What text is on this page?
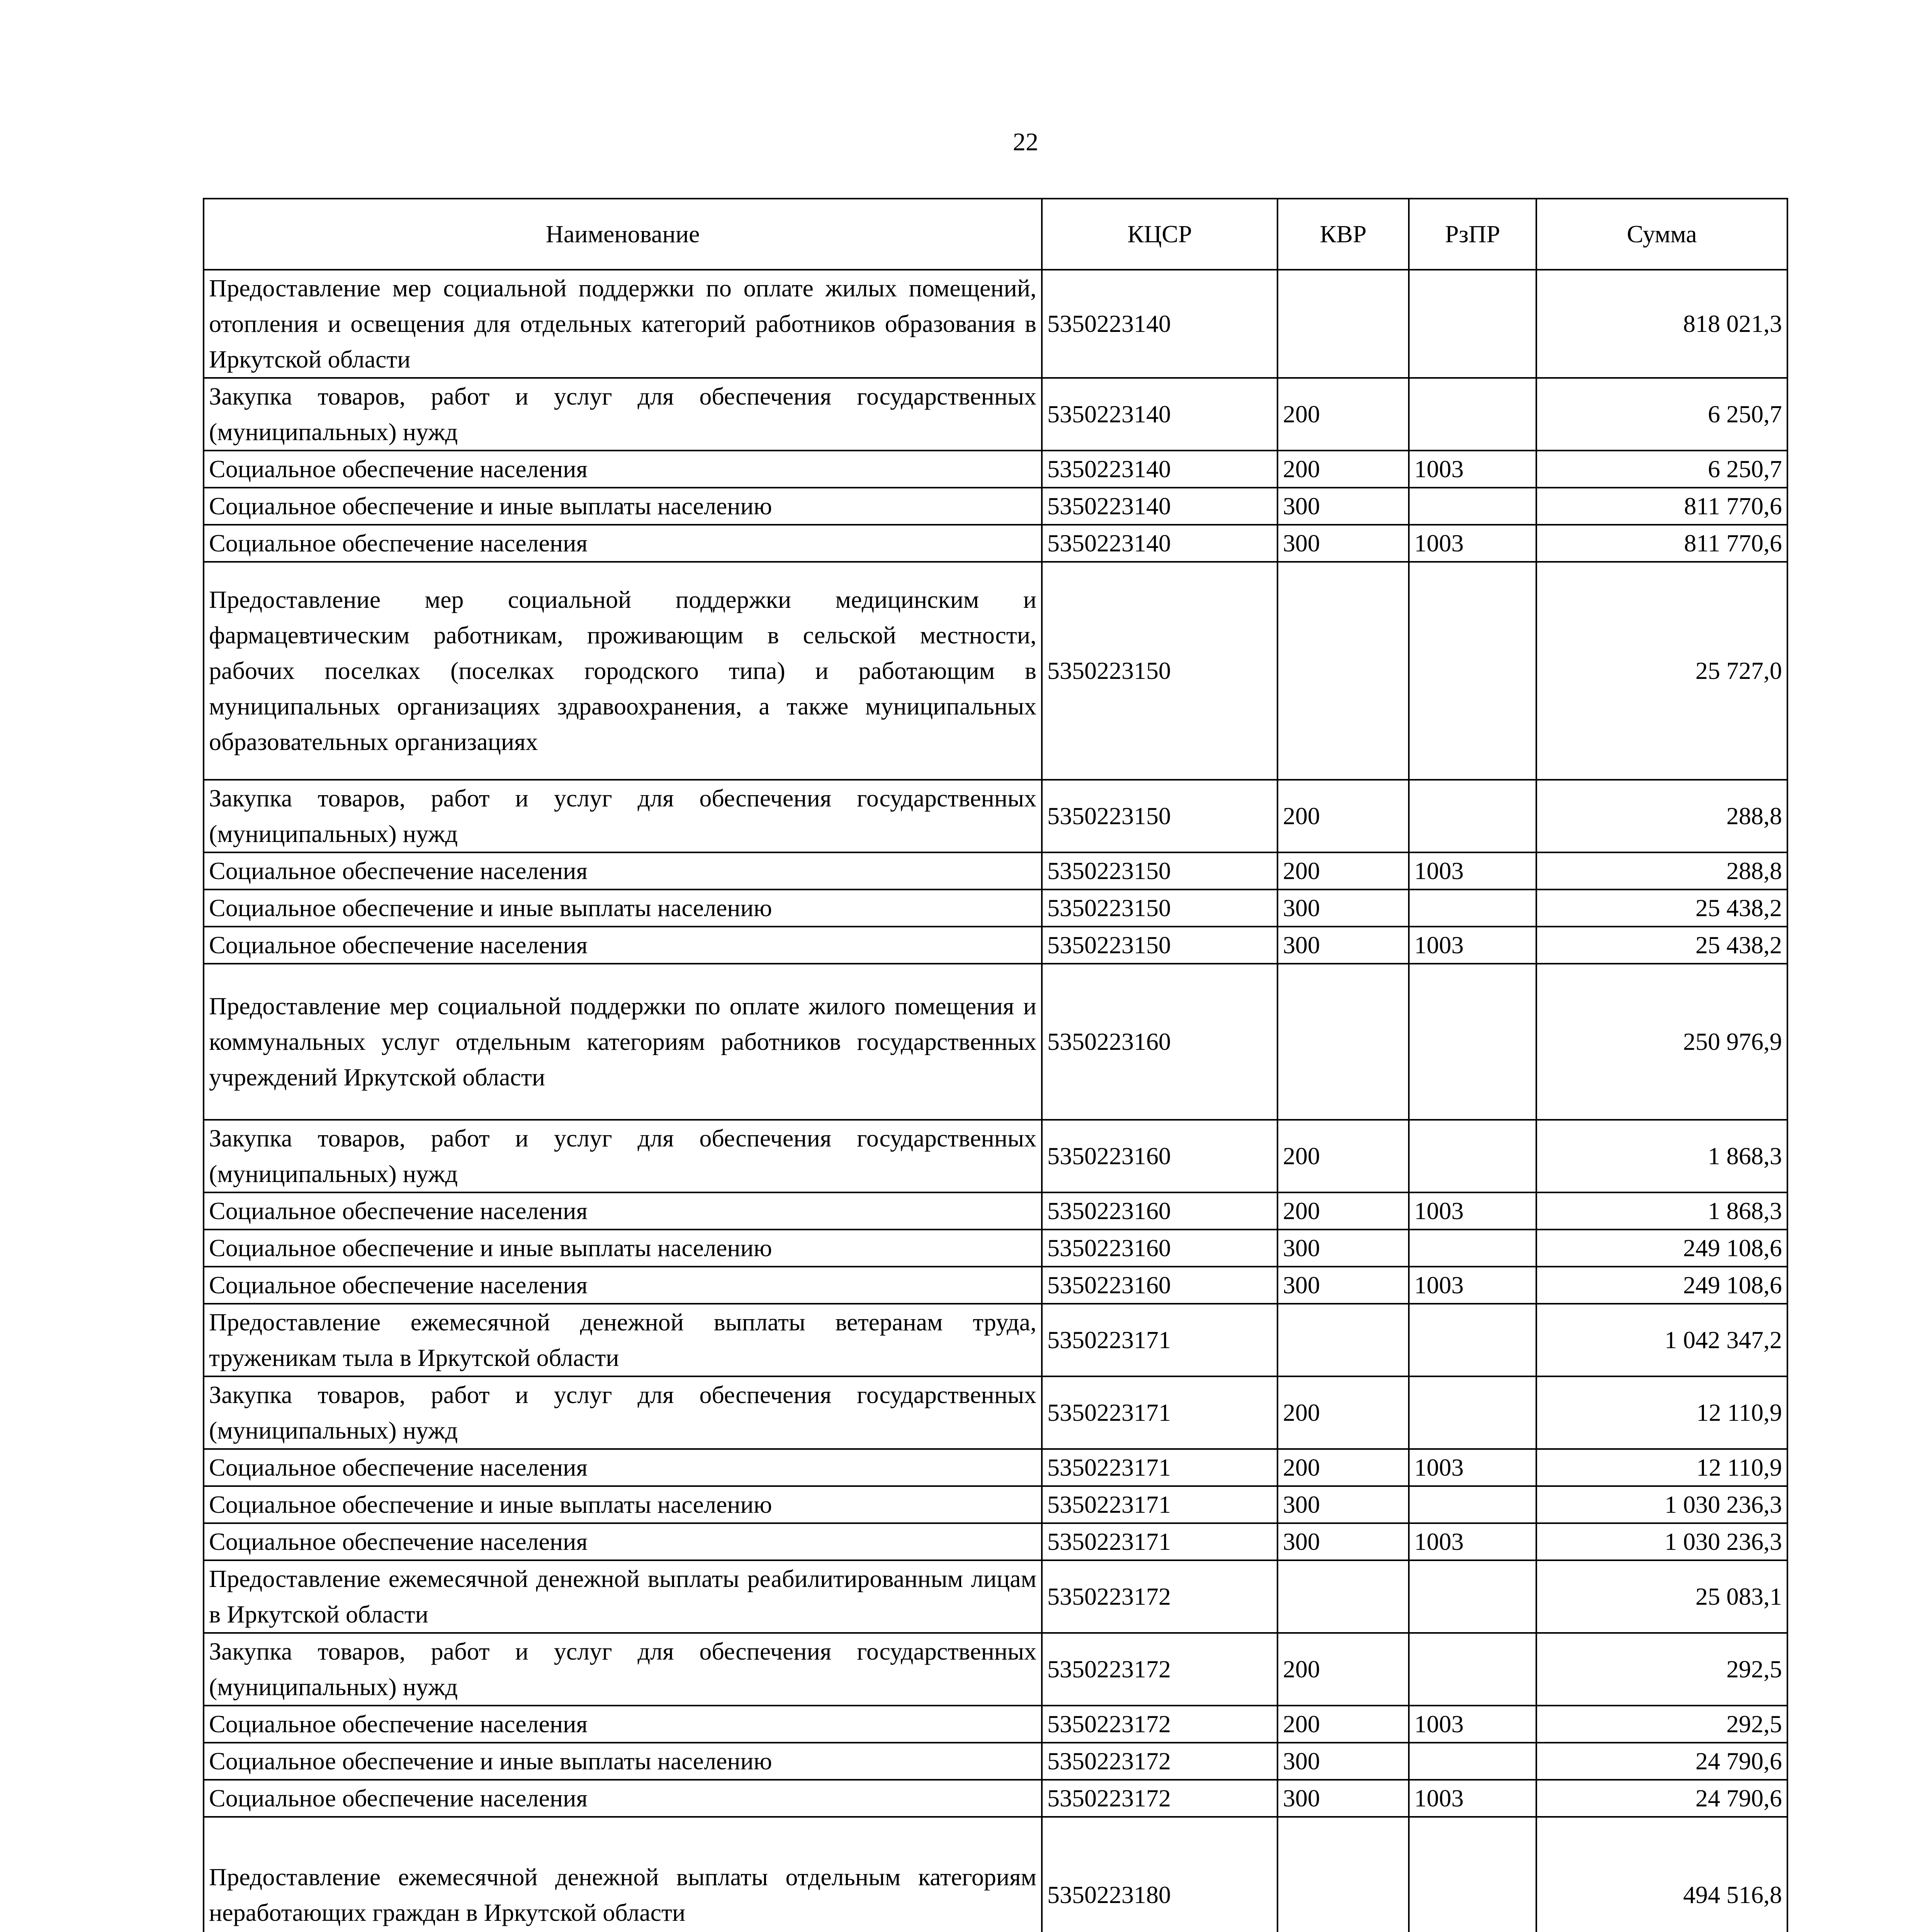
22
Наименование	КЦСР	КВР	РзПР	Сумма
Предоставление мер социальной поддержки по оплате жилых помещений, отопления и освещения для отдельных категорий работников образования в Иркутской области	5350223140			818 021,3
Закупка товаров, работ и услуг для обеспечения государственных (муниципальных) нужд	5350223140	200		6 250,7
Социальное обеспечение населения	5350223140	200	1003	6 250,7
Социальное обеспечение и иные выплаты населению	5350223140	300		811 770,6
Социальное обеспечение населения	5350223140	300	1003	811 770,6
Предоставление мер социальной поддержки медицинским и фармацевтическим работникам, проживающим в сельской местности, рабочих поселках (поселках городского типа) и работающим в муниципальных организациях здравоохранения, а также муниципальных образовательных организациях	5350223150			25 727,0
Закупка товаров, работ и услуг для обеспечения государственных (муниципальных) нужд	5350223150	200		288,8
Социальное обеспечение населения	5350223150	200	1003	288,8
Социальное обеспечение и иные выплаты населению	5350223150	300		25 438,2
Социальное обеспечение населения	5350223150	300	1003	25 438,2
Предоставление мер социальной поддержки по оплате жилого помещения и коммунальных услуг отдельным категориям работников государственных учреждений Иркутской области	5350223160			250 976,9
Закупка товаров, работ и услуг для обеспечения государственных (муниципальных) нужд	5350223160	200		1 868,3
Социальное обеспечение населения	5350223160	200	1003	1 868,3
Социальное обеспечение и иные выплаты населению	5350223160	300		249 108,6
Социальное обеспечение населения	5350223160	300	1003	249 108,6
Предоставление ежемесячной денежной выплаты ветеранам труда, труженикам тыла в Иркутской области	5350223171			1 042 347,2
Закупка товаров, работ и услуг для обеспечения государственных (муниципальных) нужд	5350223171	200		12 110,9
Социальное обеспечение населения	5350223171	200	1003	12 110,9
Социальное обеспечение и иные выплаты населению	5350223171	300		1 030 236,3
Социальное обеспечение населения	5350223171	300	1003	1 030 236,3
Предоставление ежемесячной денежной выплаты реабилитированным лицам в Иркутской области	5350223172			25 083,1
Закупка товаров, работ и услуг для обеспечения государственных (муниципальных) нужд	5350223172	200		292,5
Социальное обеспечение населения	5350223172	200	1003	292,5
Социальное обеспечение и иные выплаты населению	5350223172	300		24 790,6
Социальное обеспечение населения	5350223172	300	1003	24 790,6
Предоставление ежемесячной денежной выплаты отдельным категориям неработающих граждан в Иркутской области	5350223180			494 516,8
